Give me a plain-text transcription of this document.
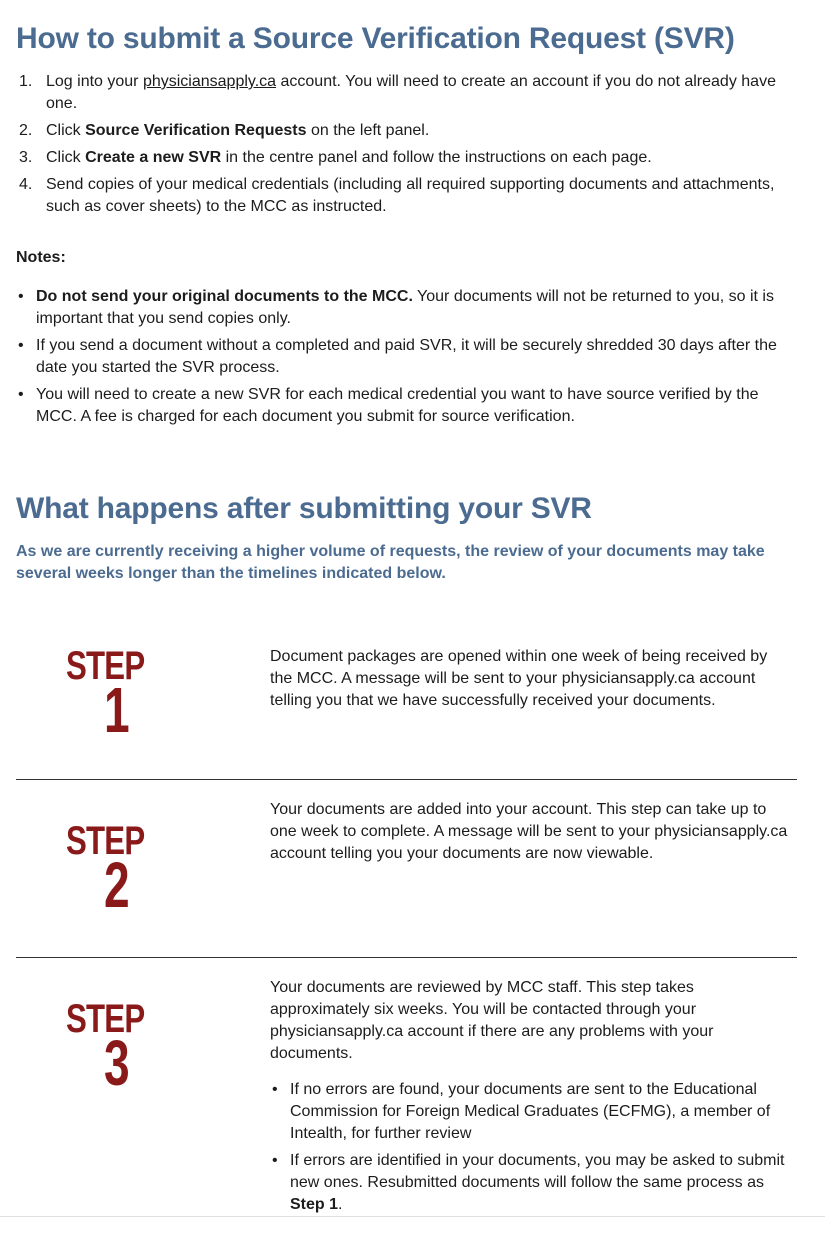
How to submit a Source Verification Request (SVR)
1. Log into your physiciansapply.ca account. You will need to create an account if you do not already have one.
2. Click Source Verification Requests on the left panel.
3. Click Create a new SVR in the centre panel and follow the instructions on each page.
4. Send copies of your medical credentials (including all required supporting documents and attachments, such as cover sheets) to the MCC as instructed.

Notes:

• Do not send your original documents to the MCC. Your documents will not be returned to you, so it is important that you send copies only.
• If you send a document without a completed and paid SVR, it will be securely shredded 30 days after the date you started the SVR process.
• You will need to create a new SVR for each medical credential you want to have source verified by the MCC. A fee is charged for each document you submit for source verification.
What happens after submitting your SVR

As we are currently receiving a higher volume of requests, the review of your documents may take several weeks longer than the timelines indicated below.

STEP
1

Document packages are opened within one week of being received by the MCC. A message will be sent to your physiciansapply.ca account telling you that we have successfully received your documents.

STEP
2

Your documents are added into your account. This step can take up to one week to complete. A message will be sent to your physiciansapply.ca account telling you your documents are now viewable.

STEP
3

Your documents are reviewed by MCC staff. This step takes approximately six weeks. You will be contacted through your physiciansapply.ca account if there are any problems with your documents.

• If no errors are found, your documents are sent to the Educational Commission for Foreign Medical Graduates (ECFMG), a member of Intealth, for further review
• If errors are identified in your documents, you may be asked to submit new ones. Resubmitted documents will follow the same process as Step 1.
